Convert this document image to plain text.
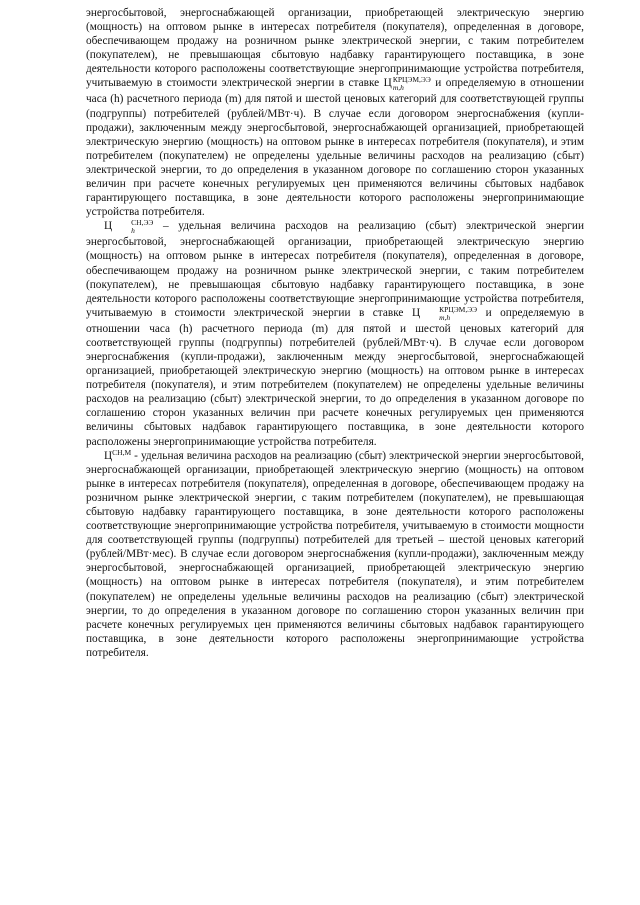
энергосбытовой, энергоснабжающей организации, приобретающей электрическую энергию (мощность) на оптовом рынке в интересах потребителя (покупателя), определенная в договоре, обеспечивающем продажу на розничном рынке электрической энергии, с таким потребителем (покупателем), не превышающая сбытовую надбавку гарантирующего поставщика, в зоне деятельности которого расположены соответствующие энергопринимающие устройства потребителя, учитываемую в стоимости электрической энергии в ставке Ц КРЦЭМ,ЭЭ
m,h	и определяемую в отношении часа (h) расчетного периода (m) для пятой и шестой ценовых категорий для соответствующей группы (подгруппы) потребителей (рублей/МВт·ч). В случае если договором энергоснабжения (купли-продажи), заключенным между энергосбытовой, энергоснабжающей организацией, приобретающей электрическую энергию (мощность) на оптовом рынке в интересах потребителя (покупателя), и этим потребителем (покупателем) не определены удельные величины расходов на реализацию (сбыт) электрической энергии, то до определения в указанном договоре по соглашению сторон указанных величин при расчете конечных регулируемых цен применяются величины сбытовых надбавок гарантирующего поставщика, в зоне деятельности которого расположены энергопринимающие устройства потребителя.

Ц	СН,ЭЭ
h	– удельная величина расходов на реализацию (сбыт) электрической энергии энергосбытовой, энергоснабжающей организации, приобретающей электрическую энергию (мощность) на оптовом рынке в интересах потребителя (покупателя), определенная в договоре, обеспечивающем продажу на розничном рынке электрической энергии, с таким потребителем (покупателем), не превышающая сбытовую надбавку гарантирующего поставщика, в зоне деятельности которого расположены соответствующие энергопринимающие устройства потребителя, учитываемую в стоимости электрической энергии в ставке Ц	КРЦЭМ,ЭЭ
m,h	и определяемую в отношении часа (h) расчетного периода (m) для пятой и шестой ценовых категорий для соответствующей группы (подгруппы) потребителей (рублей/МВт·ч). В случае если договором энергоснабжения (купли-продажи), заключенным между энергосбытовой, энергоснабжающей организацией, приобретающей электрическую энергию (мощность) на оптовом рынке в интересах потребителя (покупателя), и этим потребителем (покупателем) не определены удельные величины расходов на реализацию (сбыт) электрической энергии, то до определения в указанном договоре по соглашению сторон указанных величин при расчете конечных регулируемых цен применяются величины сбытовых надбавок гарантирующего поставщика, в зоне деятельности которого расположены энергопринимающие устройства потребителя.

$Ц^{СН,М}$ - удельная величина расходов на реализацию (сбыт) электрической энергии энергосбытовой, энергоснабжающей организации, приобретающей электрическую энергию (мощность) на оптовом рынке в интересах потребителя (покупателя), определенная в договоре, обеспечивающем продажу на розничном рынке электрической энергии, с таким потребителем (покупателем), не превышающая сбытовую надбавку гарантирующего поставщика, в зоне деятельности которого расположены соответствующие энергопринимающие устройства потребителя, учитываемую в стоимости мощности для соответствующей группы (подгруппы) потребителей для третьей – шестой ценовых категорий (рублей/МВт·мес). В случае если договором энергоснабжения (купли-продажи), заключенным между энергосбытовой, энергоснабжающей организацией, приобретающей электрическую энергию (мощность) на оптовом рынке в интересах потребителя (покупателя), и этим потребителем (покупателем) не определены удельные величины расходов на реализацию (сбыт) электрической энергии, то до определения в указанном договоре по соглашению сторон указанных величин при расчете конечных регулируемых цен применяются величины сбытовых надбавок гарантирующего поставщика, в зоне деятельности которого расположены энергопринимающие устройства потребителя.
